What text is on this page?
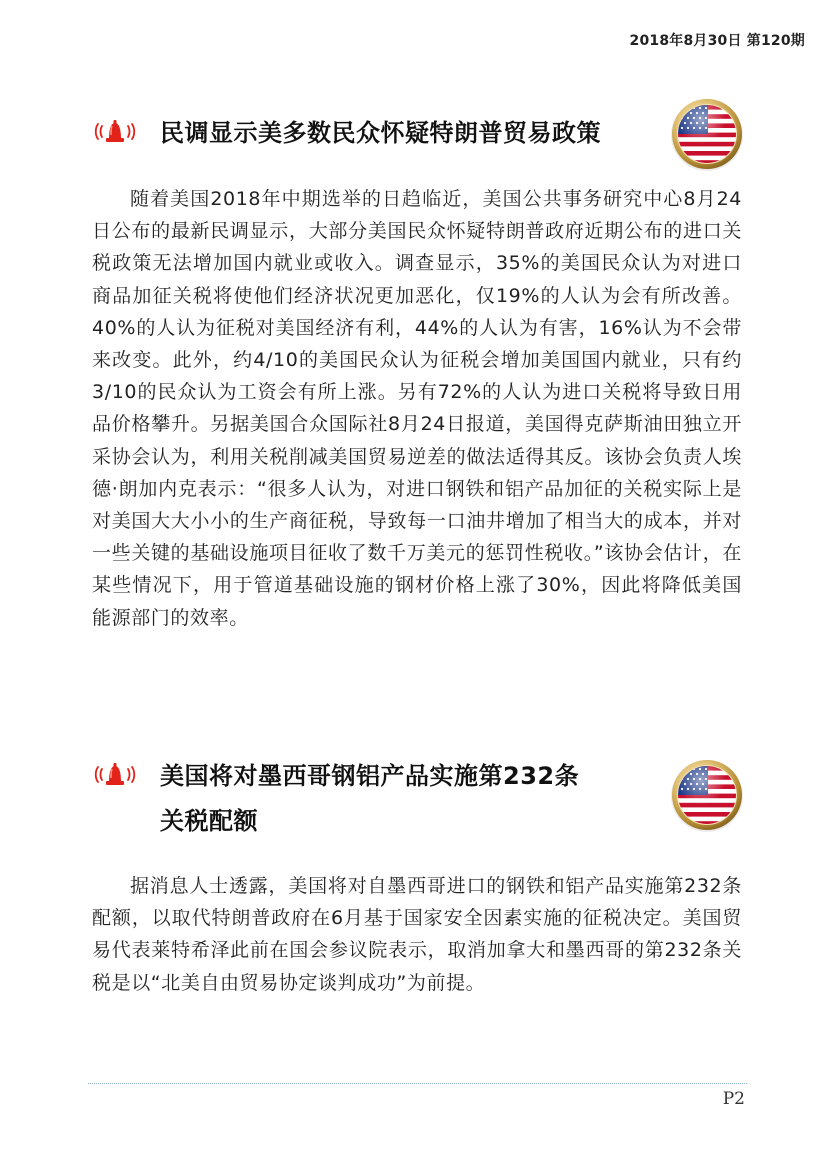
2018年8月30日 第120期
民调显示美多数民众怀疑特朗普贸易政策

随着美国2018年中期选举的日趋临近，美国公共事务研究中心8月24日公布的最新民调显示，大部分美国民众怀疑特朗普政府近期公布的进口关税政策无法增加国内就业或收入。调查显示，35%的美国民众认为对进口商品加征关税将使他们经济状况更加恶化，仅19%的人认为会有所改善。40%的人认为征税对美国经济有利，44%的人认为有害，16%认为不会带来改变。此外，约4/10的美国民众认为征税会增加美国国内就业，只有约3/10的民众认为工资会有所上涨。另有72%的人认为进口关税将导致日用品价格攀升。另据美国合众国际社8月24日报道，美国得克萨斯油田独立开采协会认为，利用关税削减美国贸易逆差的做法适得其反。该协会负责人埃德·朗加内克表示：“很多人认为，对进口钢铁和铝产品加征的关税实际上是对美国大大小小的生产商征税，导致每一口油井增加了相当大的成本，并对一些关键的基础设施项目征收了数千万美元的惩罚性税收。”该协会估计，在某些情况下，用于管道基础设施的钢材价格上涨了30%，因此将降低美国能源部门的效率。

美国将对墨西哥钢铝产品实施第232条
关税配额

据消息人士透露，美国将对自墨西哥进口的钢铁和铝产品实施第232条配额，以取代特朗普政府在6月基于国家安全因素实施的征税决定。美国贸易代表莱特希泽此前在国会参议院表示，取消加拿大和墨西哥的第232条关税是以“北美自由贸易协定谈判成功”为前提。

P2
